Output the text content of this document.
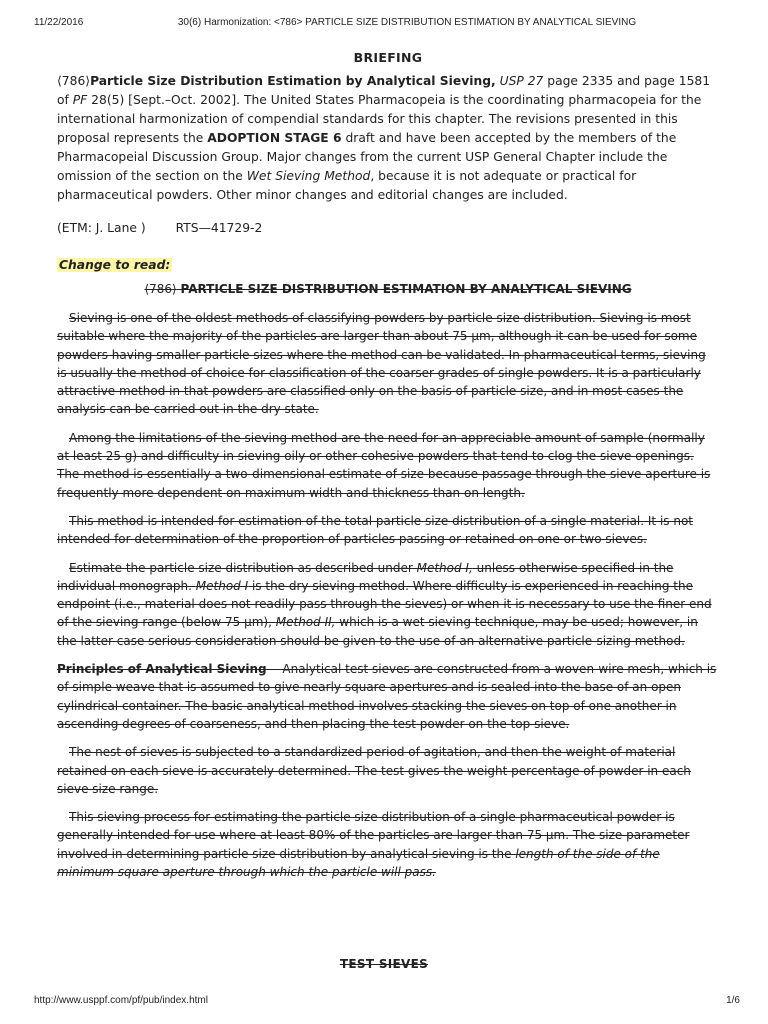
11/22/2016	30(6) Harmonization: <786> PARTICLE SIZE DISTRIBUTION ESTIMATION BY ANALYTICAL SIEVING
BRIEFING
⟨786⟩Particle Size Distribution Estimation by Analytical Sieving, USP 27 page 2335 and page 1581 of PF 28(5) [Sept.–Oct. 2002]. The United States Pharmacopeia is the coordinating pharmacopeia for the international harmonization of compendial standards for this chapter. The revisions presented in this proposal represents the ADOPTION STAGE 6 draft and have been accepted by the members of the Pharmacopeial Discussion Group. Major changes from the current USP General Chapter include the omission of the section on the Wet Sieving Method, because it is not adequate or practical for pharmaceutical powders. Other minor changes and editorial changes are included.
(ETM: J. Lane ) RTS—41729-2
Change to read:
⟨786⟩ PARTICLE SIZE DISTRIBUTION ESTIMATION BY ANALYTICAL SIEVING

Sieving is one of the oldest methods of classifying powders by particle size distribution. Sieving is most suitable where the majority of the particles are larger than about 75 µm, although it can be used for some powders having smaller particle sizes where the method can be validated. In pharmaceutical terms, sieving is usually the method of choice for classification of the coarser grades of single powders. It is a particularly attractive method in that powders are classified only on the basis of particle size, and in most cases the analysis can be carried out in the dry state.

Among the limitations of the sieving method are the need for an appreciable amount of sample (normally at least 25 g) and difficulty in sieving oily or other cohesive powders that tend to clog the sieve openings. The method is essentially a two-dimensional estimate of size because passage through the sieve aperture is frequently more dependent on maximum width and thickness than on length.

This method is intended for estimation of the total particle size distribution of a single material. It is not intended for determination of the proportion of particles passing or retained on one or two sieves.

Estimate the particle size distribution as described under Method I, unless otherwise specified in the individual monograph. Method I is the dry sieving method. Where difficulty is experienced in reaching the endpoint (i.e., material does not readily pass through the sieves) or when it is necessary to use the finer end of the sieving range (below 75 µm), Method II, which is a wet sieving technique, may be used; however, in the latter case serious consideration should be given to the use of an alternative particle-sizing method.

Principles of Analytical Sieving— Analytical test sieves are constructed from a woven-wire mesh, which is of simple weave that is assumed to give nearly square apertures and is sealed into the base of an open cylindrical container. The basic analytical method involves stacking the sieves on top of one another in ascending degrees of coarseness, and then placing the test powder on the top sieve.

The nest of sieves is subjected to a standardized period of agitation, and then the weight of material retained on each sieve is accurately determined. The test gives the weight percentage of powder in each sieve size range.

This sieving process for estimating the particle size distribution of a single pharmaceutical powder is generally intended for use where at least 80% of the particles are larger than 75 µm. The size parameter involved in determining particle size distribution by analytical sieving is the length of the side of the minimum square aperture through which the particle will pass.

TEST SIEVES
http://www.usppf.com/pf/pub/index.html	1/6
